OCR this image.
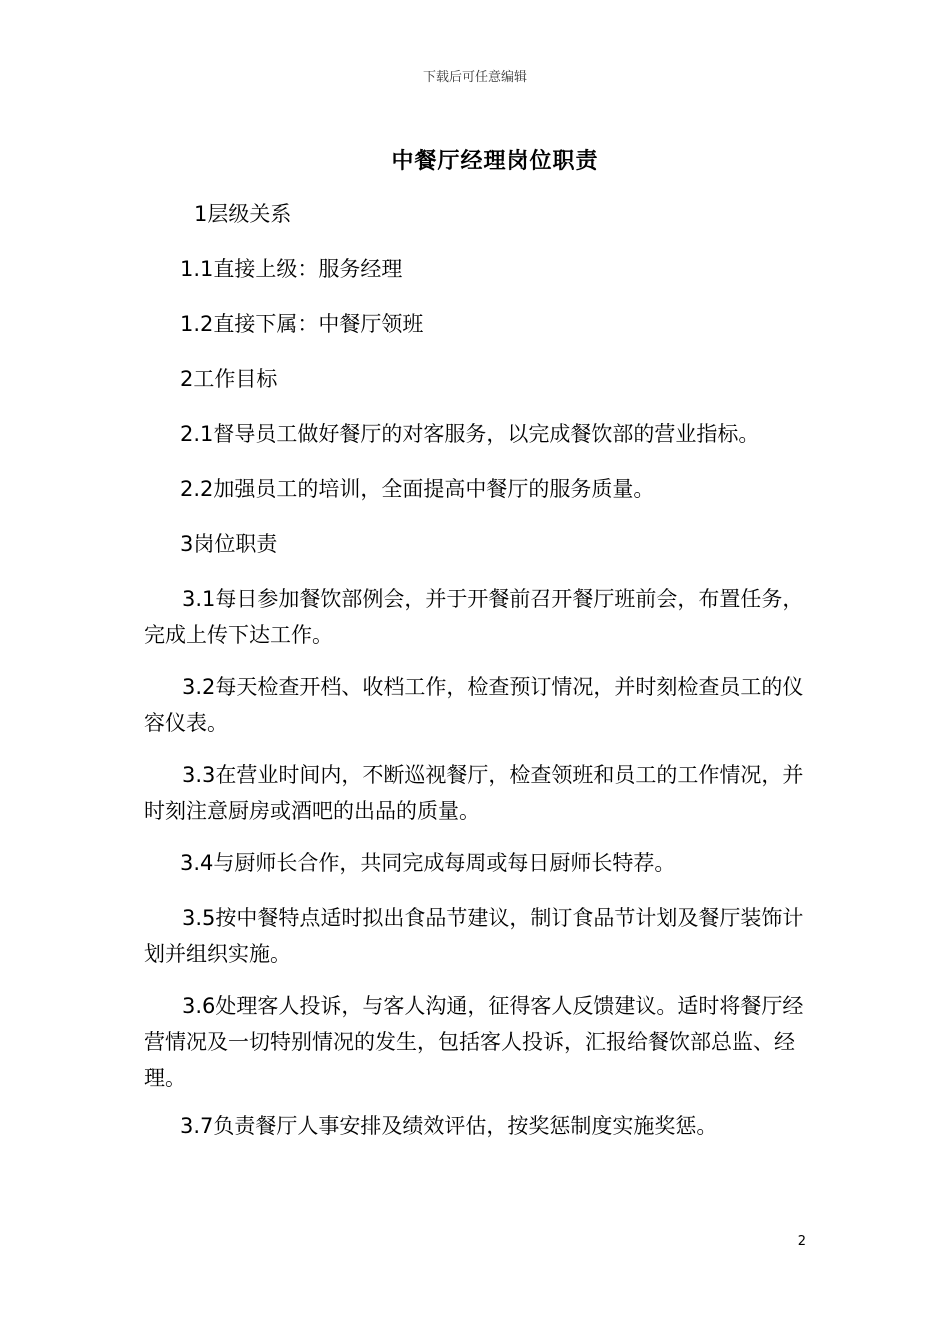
下载后可任意编辑
中餐厅经理岗位职责
1层级关系
1.1直接上级：服务经理
1.2直接下属：中餐厅领班
2工作目标
2.1督导员工做好餐厅的对客服务，以完成餐饮部的营业指标。
2.2加强员工的培训，全面提高中餐厅的服务质量。
3岗位职责
3.1每日参加餐饮部例会，并于开餐前召开餐厅班前会，布置任务，完成上传下达工作。
3.2每天检查开档、收档工作，检查预订情况，并时刻检查员工的仪容仪表。
3.3在营业时间内，不断巡视餐厅，检查领班和员工的工作情况，并时刻注意厨房或酒吧的出品的质量。
3.4与厨师长合作，共同完成每周或每日厨师长特荐。
3.5按中餐特点适时拟出食品节建议，制订食品节计划及餐厅装饰计划并组织实施。
3.6处理客人投诉，与客人沟通，征得客人反馈建议。适时将餐厅经营情况及一切特别情况的发生，包括客人投诉，汇报给餐饮部总监、经理。
3.7负责餐厅人事安排及绩效评估，按奖惩制度实施奖惩。
2
